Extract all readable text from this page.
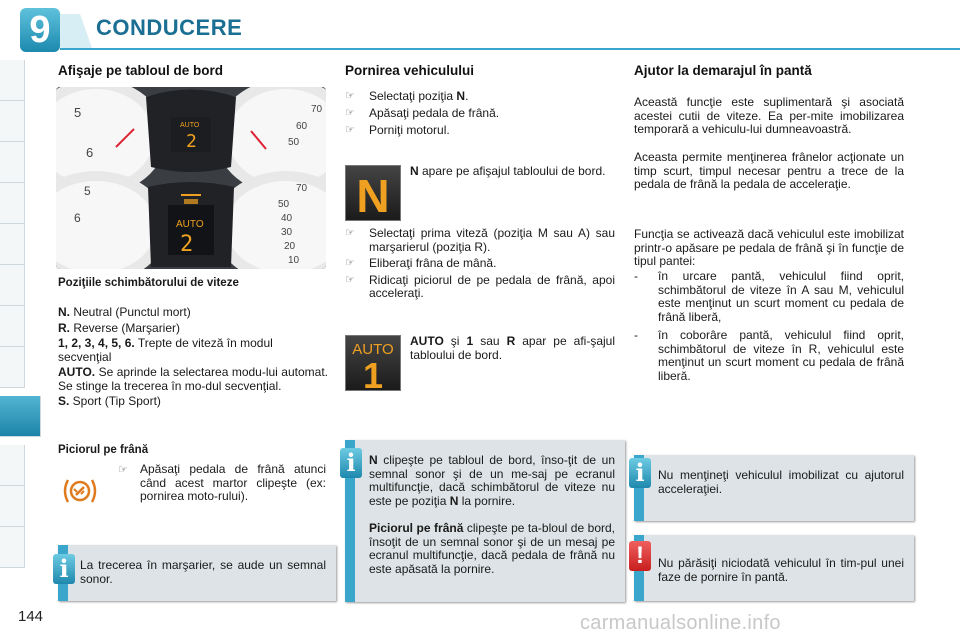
9	CONDUCERE
Afişaje pe tabloul de bord
5
6
5
6
70
60
50
70
50
40
30
20
10
AUTO
2
AUTO
2
Poziţiile schimbătorului de viteze
N. Neutral (Punctul mort)
R. Reverse (Marşarier)
1, 2, 3, 4, 5, 6. Trepte de viteză în modul secvenţial
AUTO. Se aprinde la selectarea modu-lui automat. Se stinge la trecerea în mo-dul secvenţial.
S. Sport (Tip Sport)
Piciorul pe frână
☞ Apăsaţi pedala de frână atunci când acest martor clipeşte (ex: pornirea moto-rului).
La trecerea în marşarier, se aude un semnal sonor.
i
Pornirea vehiculului
☞ Selectaţi poziţia N.
☞ Apăsaţi pedala de frână.
☞ Porniţi motorul.
N N apare pe afişajul tabloului de bord.
☞ Selectaţi prima viteză (poziţia M sau A) sau marşarierul (poziţia R).
☞ Eliberaţi frâna de mână.
☞ Ridicaţi piciorul de pe pedala de frână, apoi acceleraţi.
AUTO
1
AUTO şi 1 sau R apar pe afi-şajul tabloului de bord.
N clipeşte pe tabloul de bord, înso-ţit de un semnal sonor şi de un me-saj pe ecranul multifuncţie, dacă schimbătorul de viteze nu este pe poziţia N la pornire.
Piciorul pe frână clipeşte pe ta-bloul de bord, însoţit de un semnal sonor şi de un mesaj pe ecranul multifuncţie, dacă pedala de frână nu este apăsată la pornire.
i
Ajutor la demarajul în pantă
Această funcţie este suplimentară şi asociată acestei cutii de viteze. Ea per-mite imobilizarea temporară a vehiculu-lui dumneavoastră.
Aceasta permite menţinerea frânelor acţionate un timp scurt, timpul necesar pentru a trece de la pedala de frână la pedala de acceleraţie.
Funcţia se activează dacă vehiculul este imobilizat printr-o apăsare pe pedala de frână şi în funcţie de tipul pantei:
- în urcare pantă, vehiculul fiind oprit, schimbătorul de viteze în A sau M, vehiculul este menţinut un scurt moment cu pedala de frână liberă,
- în coborâre pantă, vehiculul fiind oprit, schimbătorul de viteze în R, vehiculul este menţinut un scurt moment cu pedala de frână liberă.
Nu menţineţi vehiculul imobilizat cu ajutorul acceleraţiei.
i
Nu părăsiţi niciodată vehiculul în tim-pul unei faze de pornire în pantă.
!
144	carmanualsonline.info
